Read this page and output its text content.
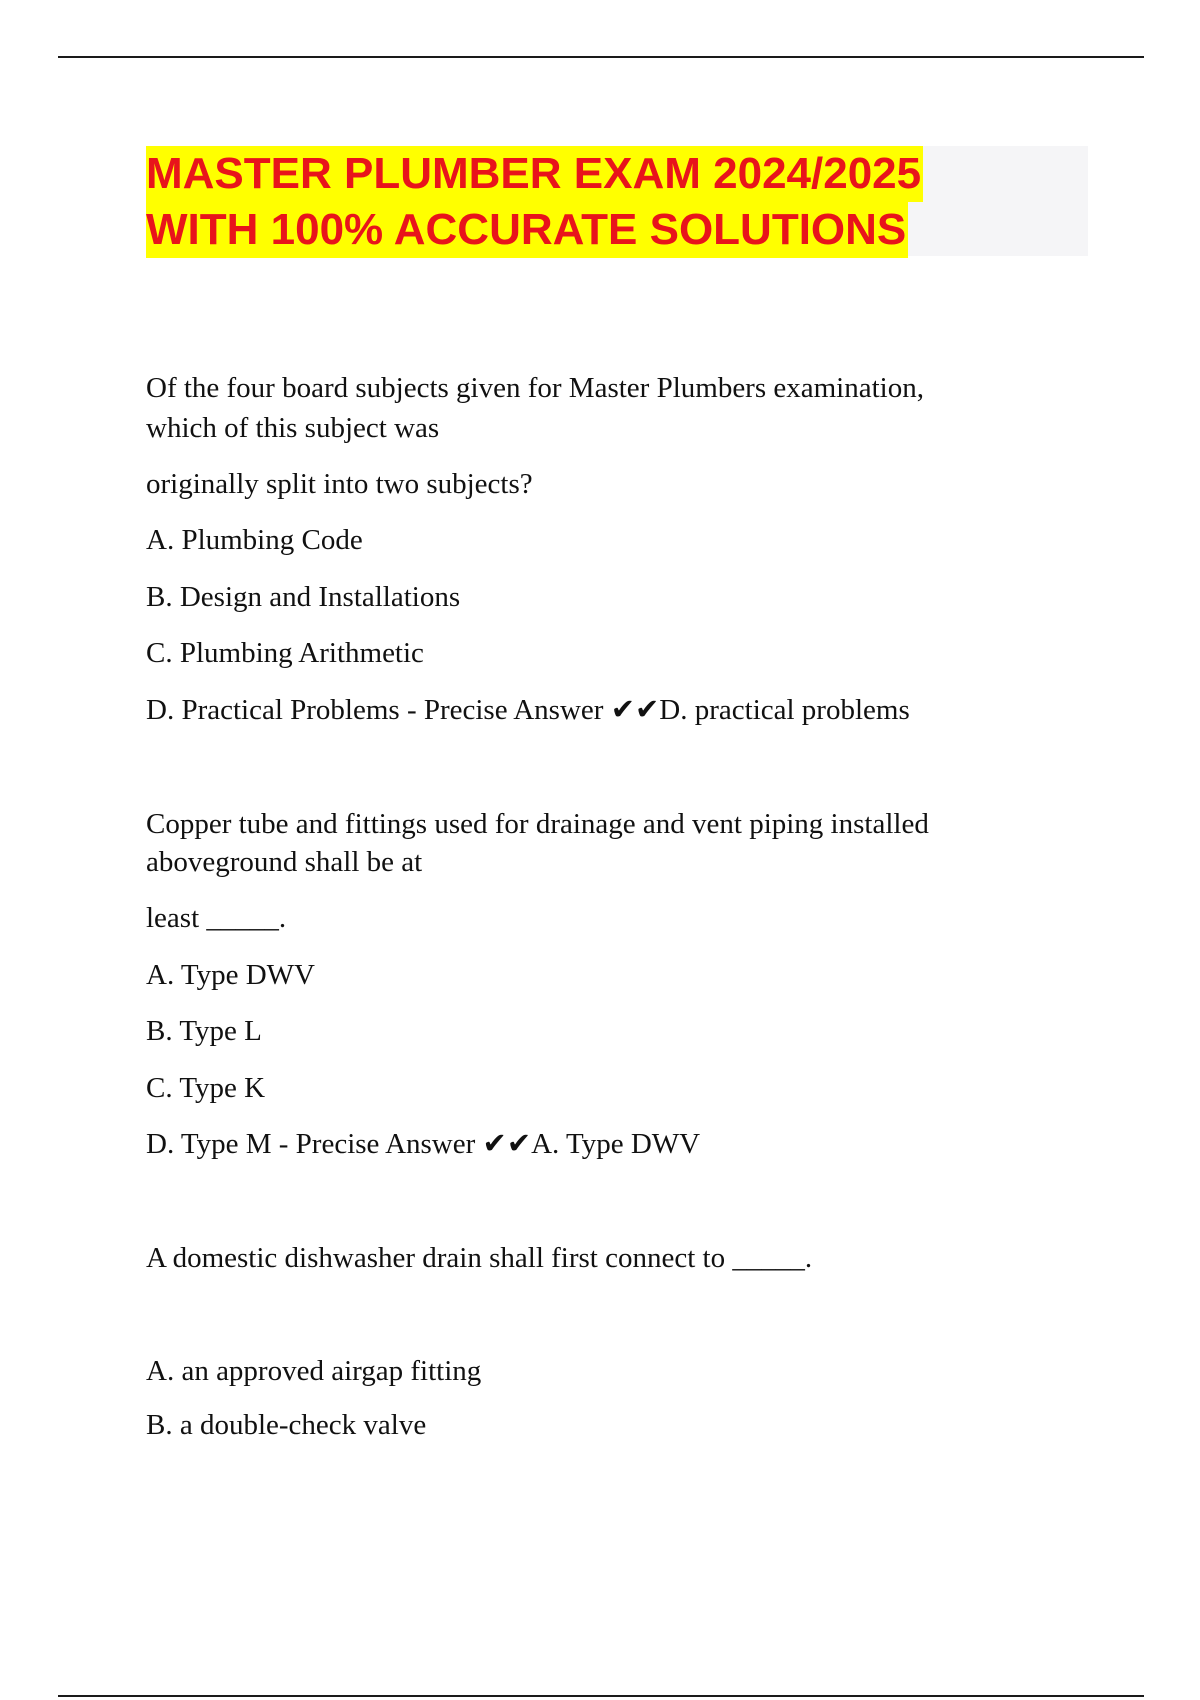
MASTER PLUMBER EXAM 2024/2025
WITH 100% ACCURATE SOLUTIONS
Of the four board subjects given for Master Plumbers examination,
which of this subject was
originally split into two subjects?
A. Plumbing Code
B. Design and Installations
C. Plumbing Arithmetic
D. Practical Problems - Precise Answer ✔✔D. practical problems
Copper tube and fittings used for drainage and vent piping installed
aboveground shall be at
least _____.
A. Type DWV
B. Type L
C. Type K
D. Type M - Precise Answer ✔✔A. Type DWV
A domestic dishwasher drain shall first connect to _____.
A. an approved airgap fitting
B. a double-check valve
